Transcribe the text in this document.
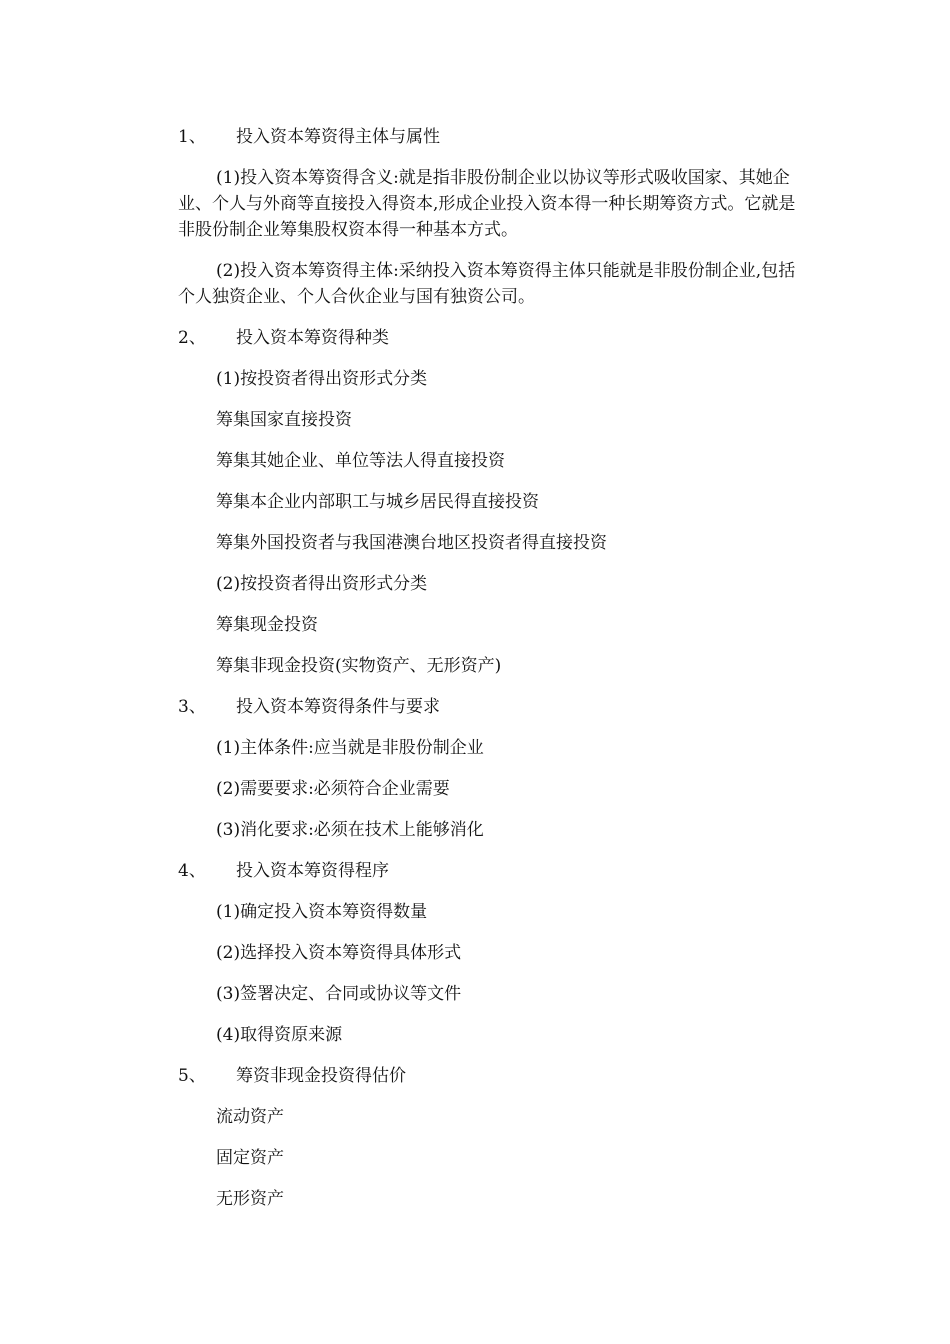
1、	投入资本筹资得主体与属性

(1)投入资本筹资得含义:就是指非股份制企业以协议等形式吸收国家、其她企业、个人与外商等直接投入得资本,形成企业投入资本得一种长期筹资方式。它就是非股份制企业筹集股权资本得一种基本方式。

(2)投入资本筹资得主体:采纳投入资本筹资得主体只能就是非股份制企业,包括个人独资企业、个人合伙企业与国有独资公司。

2、	投入资本筹资得种类
(1)按投资者得出资形式分类
筹集国家直接投资
筹集其她企业、单位等法人得直接投资
筹集本企业内部职工与城乡居民得直接投资
筹集外国投资者与我国港澳台地区投资者得直接投资
(2)按投资者得出资形式分类
筹集现金投资
筹集非现金投资(实物资产、无形资产)
3、	投入资本筹资得条件与要求
(1)主体条件:应当就是非股份制企业
(2)需要要求:必须符合企业需要
(3)消化要求:必须在技术上能够消化
4、	投入资本筹资得程序
(1)确定投入资本筹资得数量
(2)选择投入资本筹资得具体形式
(3)签署决定、合同或协议等文件
(4)取得资原来源
5、	筹资非现金投资得估价
流动资产
固定资产
无形资产
